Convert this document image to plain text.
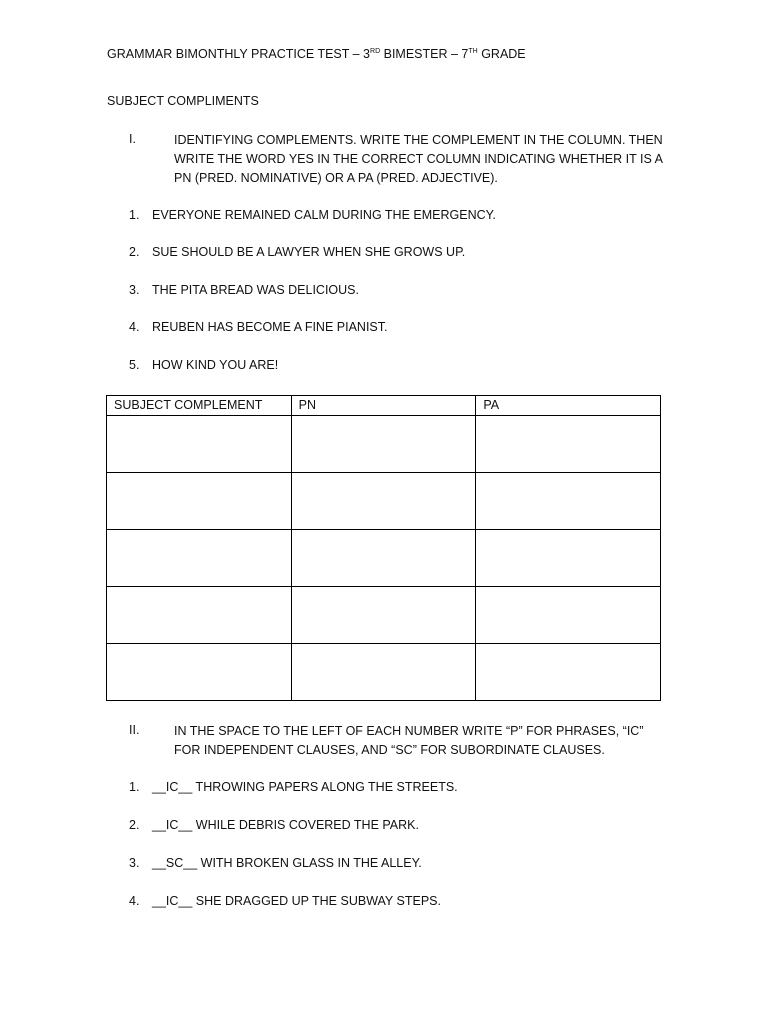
GRAMMAR BIMONTHLY PRACTICE TEST – 3RD BIMESTER – 7TH GRADE
SUBJECT COMPLIMENTS
I.	IDENTIFYING COMPLEMENTS. WRITE THE COMPLEMENT IN THE COLUMN. THEN WRITE THE WORD YES IN THE CORRECT COLUMN INDICATING WHETHER IT IS A PN (PRED. NOMINATIVE) OR A PA (PRED. ADJECTIVE).
1. EVERYONE REMAINED CALM DURING THE EMERGENCY.
2. SUE SHOULD BE A LAWYER WHEN SHE GROWS UP.
3. THE PITA BREAD WAS DELICIOUS.
4. REUBEN HAS BECOME A FINE PIANIST.
5. HOW KIND YOU ARE!
SUBJECT COMPLEMENT	PN	PA

II.	IN THE SPACE TO THE LEFT OF EACH NUMBER WRITE “P” FOR PHRASES, “IC” FOR INDEPENDENT CLAUSES, AND “SC” FOR SUBORDINATE CLAUSES.
1. __IC__ THROWING PAPERS ALONG THE STREETS.
2. __IC__ WHILE DEBRIS COVERED THE PARK.
3. __SC__ WITH BROKEN GLASS IN THE ALLEY.
4. __IC__ SHE DRAGGED UP THE SUBWAY STEPS.
